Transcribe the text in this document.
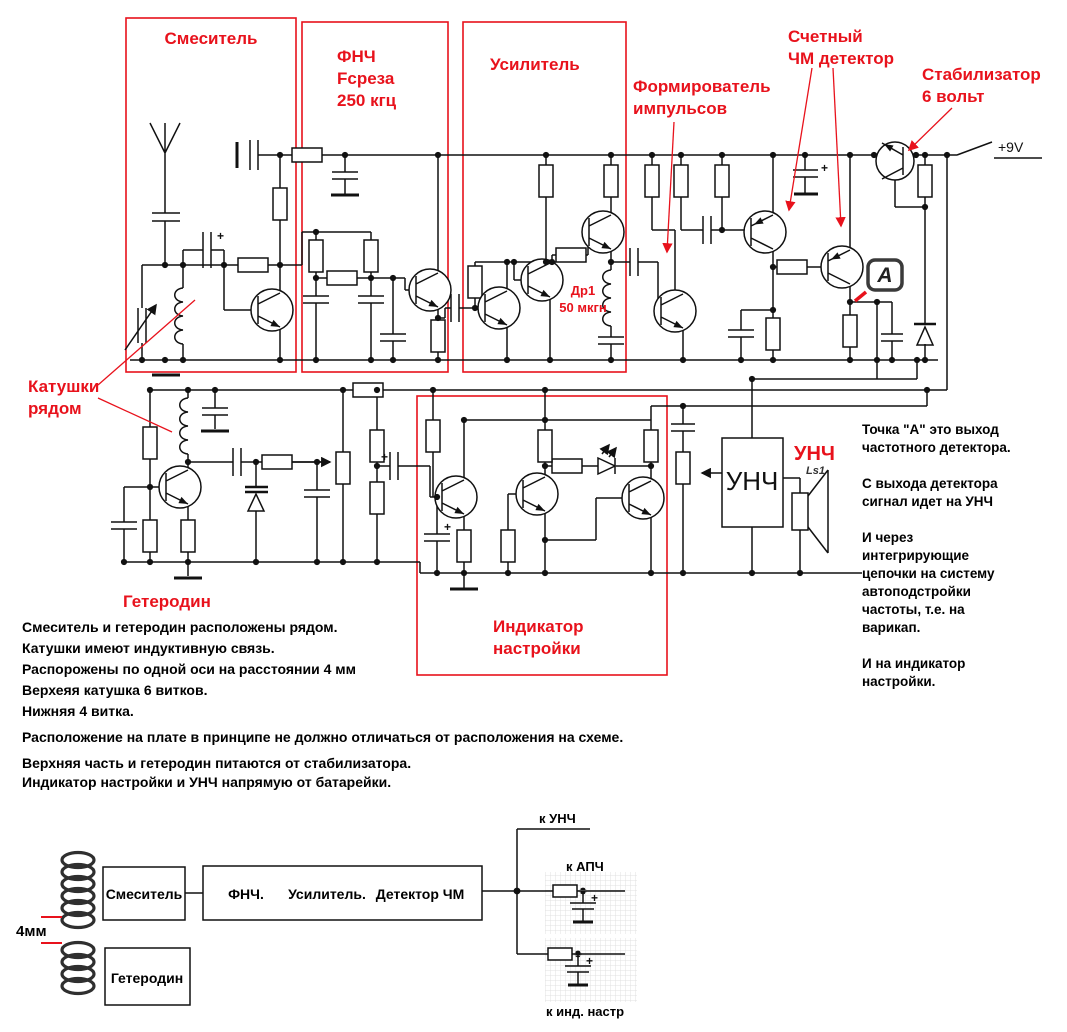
Смеситель
ФНЧ
Fсреза
250 кгц
Усилитель
Формирователь
импульсов
Счетный
ЧМ детектор
Стабилизатор
6 вольт
Катушки
рядом
Гетеродин
Индикатор
настройки
УНЧ
Др1
50 мкгн
+9V
A
УНЧ	Ls1
+
+
+
+
Точка "А" это выход
частотного детектора.
С выхода детектора
сигнал идет на УНЧ
И через
интегрирующие
цепочки на систему
автоподстройки
частоты, т.е. на
варикап.
И на индикатор
настройки.
Смеситель и гетеродин расположены рядом.
Катушки имеют индуктивную связь.
Распорожены по одной оси на расстоянии 4 мм
Верхеяя катушка 6 витков.
Нижняя 4 витка.
Расположение на плате в принципе не должно отличаться от расположения на схеме.
Верхняя часть и гетеродин питаются от стабилизатора.
Индикатор настройки и УНЧ напрямую от батарейки.
4мм
+
+
Смеситель
Гетеродин
ФНЧ. Усилитель. Детектор ЧМ
к УНЧ
к АПЧ
к инд. настр
